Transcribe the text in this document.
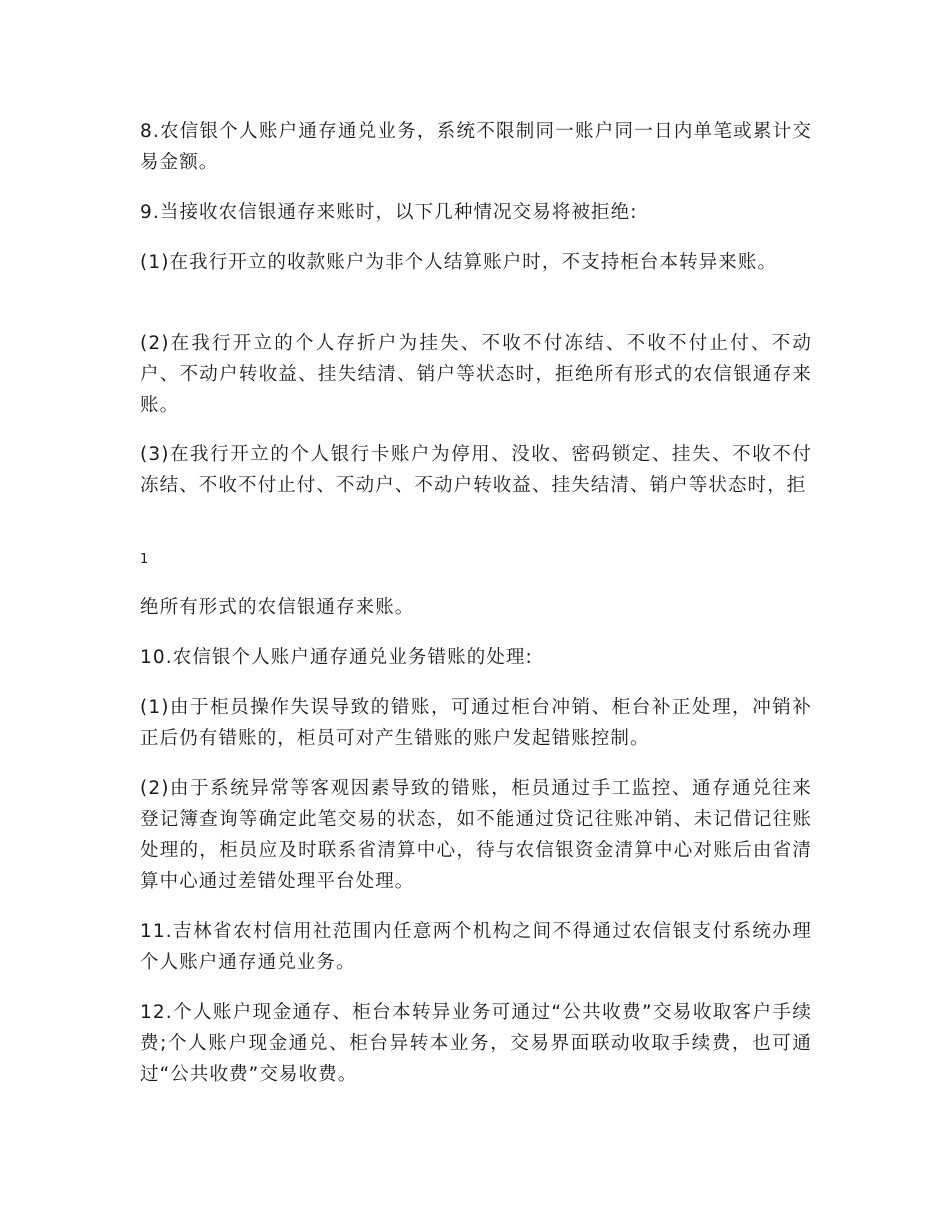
8.农信银个人账户通存通兑业务，系统不限制同一账户同一日内单笔或累计交易金额。

9.当接收农信银通存来账时，以下几种情况交易将被拒绝:

(1)在我行开立的收款账户为非个人结算账户时，不支持柜台本转异来账。

(2)在我行开立的个人存折户为挂失、不收不付冻结、不收不付止付、不动户、不动户转收益、挂失结清、销户等状态时，拒绝所有形式的农信银通存来账。

(3)在我行开立的个人银行卡账户为停用、没收、密码锁定、挂失、不收不付冻结、不收不付止付、不动户、不动户转收益、挂失结清、销户等状态时，拒

1

绝所有形式的农信银通存来账。

10.农信银个人账户通存通兑业务错账的处理:

(1)由于柜员操作失误导致的错账，可通过柜台冲销、柜台补正处理，冲销补正后仍有错账的，柜员可对产生错账的账户发起错账控制。

(2)由于系统异常等客观因素导致的错账，柜员通过手工监控、通存通兑往来登记簿查询等确定此笔交易的状态，如不能通过贷记往账冲销、未记借记往账处理的，柜员应及时联系省清算中心，待与农信银资金清算中心对账后由省清算中心通过差错处理平台处理。

11.吉林省农村信用社范围内任意两个机构之间不得通过农信银支付系统办理个人账户通存通兑业务。

12.个人账户现金通存、柜台本转异业务可通过“公共收费”交易收取客户手续费;个人账户现金通兑、柜台异转本业务，交易界面联动收取手续费，也可通过“公共收费”交易收费。
